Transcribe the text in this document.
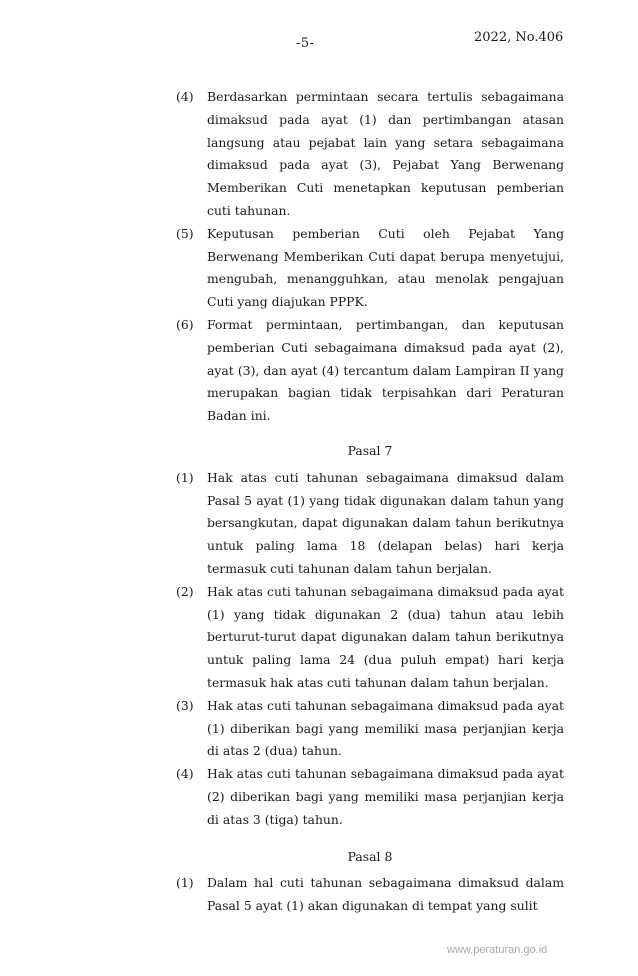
-5-	2022, No.406
(4) Berdasarkan permintaan secara tertulis sebagaimana dimaksud pada ayat (1) dan pertimbangan atasan langsung atau pejabat lain yang setara sebagaimana dimaksud pada ayat (3), Pejabat Yang Berwenang Memberikan Cuti menetapkan keputusan pemberian cuti tahunan.
(5) Keputusan pemberian Cuti oleh Pejabat Yang Berwenang Memberikan Cuti dapat berupa menyetujui, mengubah, menangguhkan, atau menolak pengajuan Cuti yang diajukan PPPK.
(6) Format permintaan, pertimbangan, dan keputusan pemberian Cuti sebagaimana dimaksud pada ayat (2), ayat (3), dan ayat (4) tercantum dalam Lampiran II yang merupakan bagian tidak terpisahkan dari Peraturan Badan ini.
Pasal 7
(1) Hak atas cuti tahunan sebagaimana dimaksud dalam Pasal 5 ayat (1) yang tidak digunakan dalam tahun yang bersangkutan, dapat digunakan dalam tahun berikutnya untuk paling lama 18 (delapan belas) hari kerja termasuk cuti tahunan dalam tahun berjalan.
(2) Hak atas cuti tahunan sebagaimana dimaksud pada ayat (1) yang tidak digunakan 2 (dua) tahun atau lebih berturut-turut dapat digunakan dalam tahun berikutnya untuk paling lama 24 (dua puluh empat) hari kerja termasuk hak atas cuti tahunan dalam tahun berjalan.
(3) Hak atas cuti tahunan sebagaimana dimaksud pada ayat (1) diberikan bagi yang memiliki masa perjanjian kerja di atas 2 (dua) tahun.
(4) Hak atas cuti tahunan sebagaimana dimaksud pada ayat (2) diberikan bagi yang memiliki masa perjanjian kerja di atas 3 (tiga) tahun.
Pasal 8
(1) Dalam hal cuti tahunan sebagaimana dimaksud dalam Pasal 5 ayat (1) akan digunakan di tempat yang sulit
www.peraturan.go.id
